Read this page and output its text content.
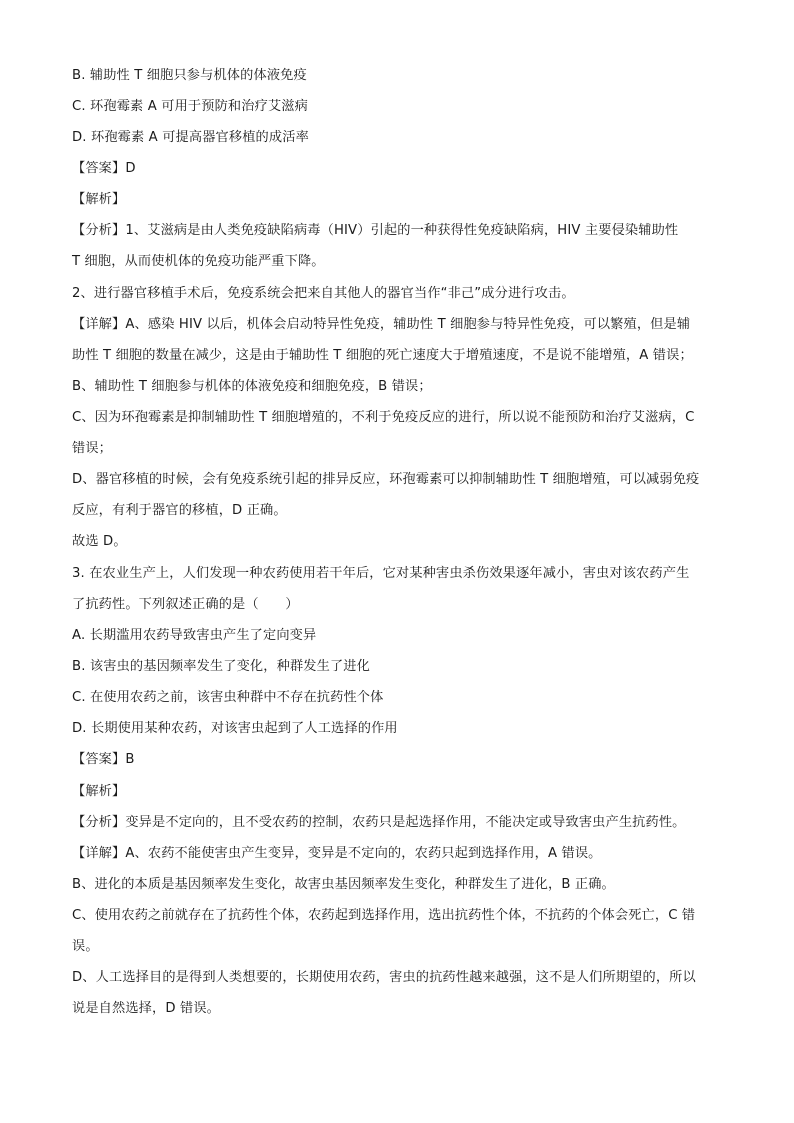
B. 辅助性 T 细胞只参与机体的体液免疫
C. 环孢霉素 A 可用于预防和治疗艾滋病
D. 环孢霉素 A 可提高器官移植的成活率
【答案】D
【解析】
【分析】1、艾滋病是由人类免疫缺陷病毒（HIV）引起的一种获得性免疫缺陷病，HIV 主要侵染辅助性
T 细胞，从而使机体的免疫功能严重下降。
2、进行器官移植手术后，免疫系统会把来自其他人的器官当作“非己”成分进行攻击。
【详解】A、感染 HIV 以后，机体会启动特异性免疫，辅助性 T 细胞参与特异性免疫，可以繁殖，但是辅
助性 T 细胞的数量在减少，这是由于辅助性 T 细胞的死亡速度大于增殖速度，不是说不能增殖，A 错误；
B、辅助性 T 细胞参与机体的体液免疫和细胞免疫，B 错误；
C、因为环孢霉素是抑制辅助性 T 细胞增殖的，不利于免疫反应的进行，所以说不能预防和治疗艾滋病，C
错误；
D、器官移植的时候，会有免疫系统引起的排异反应，环孢霉素可以抑制辅助性 T 细胞增殖，可以减弱免疫
反应，有利于器官的移植，D 正确。
故选 D。
3. 在农业生产上，人们发现一种农药使用若干年后，它对某种害虫杀伤效果逐年减小，害虫对该农药产生
了抗药性。下列叙述正确的是（　　）
A. 长期滥用农药导致害虫产生了定向变异
B. 该害虫的基因频率发生了变化，种群发生了进化
C. 在使用农药之前，该害虫种群中不存在抗药性个体
D. 长期使用某种农药，对该害虫起到了人工选择的作用
【答案】B
【解析】
【分析】变异是不定向的，且不受农药的控制，农药只是起选择作用，不能决定或导致害虫产生抗药性。
【详解】A、农药不能使害虫产生变异，变异是不定向的，农药只起到选择作用，A 错误。
B、进化的本质是基因频率发生变化，故害虫基因频率发生变化，种群发生了进化，B 正确。
C、使用农药之前就存在了抗药性个体，农药起到选择作用，选出抗药性个体，不抗药的个体会死亡，C 错
误。
D、人工选择目的是得到人类想要的，长期使用农药，害虫的抗药性越来越强，这不是人们所期望的，所以
说是自然选择，D 错误。
